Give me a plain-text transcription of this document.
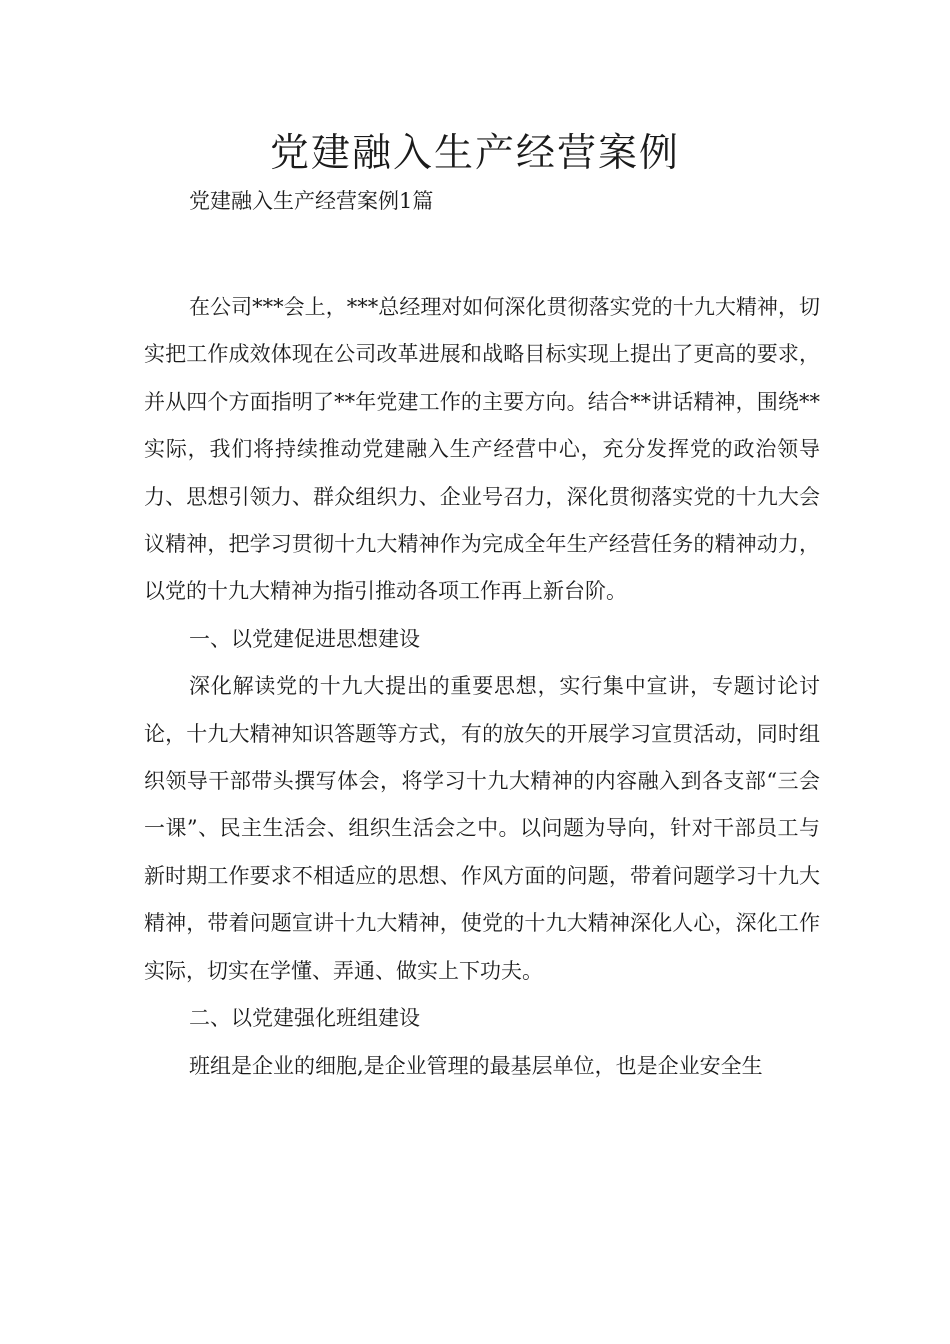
党建融入生产经营案例

党建融入生产经营案例1篇

在公司***会上，***总经理对如何深化贯彻落实党的十九大精神，切实把工作成效体现在公司改革进展和战略目标实现上提出了更高的要求，并从四个方面指明了**年党建工作的主要方向。结合**讲话精神，围绕**实际，我们将持续推动党建融入生产经营中心，充分发挥党的政治领导力、思想引领力、群众组织力、企业号召力，深化贯彻落实党的十九大会议精神，把学习贯彻十九大精神作为完成全年生产经营任务的精神动力，以党的十九大精神为指引推动各项工作再上新台阶。

一、以党建促进思想建设

深化解读党的十九大提出的重要思想，实行集中宣讲，专题讨论讨论，十九大精神知识答题等方式，有的放矢的开展学习宣贯活动，同时组织领导干部带头撰写体会，将学习十九大精神的内容融入到各支部“三会一课”、民主生活会、组织生活会之中。以问题为导向，针对干部员工与新时期工作要求不相适应的思想、作风方面的问题，带着问题学习十九大精神，带着问题宣讲十九大精神，使党的十九大精神深化人心，深化工作实际，切实在学懂、弄通、做实上下功夫。

二、以党建强化班组建设

班组是企业的细胞,是企业管理的最基层单位，也是企业安全生
